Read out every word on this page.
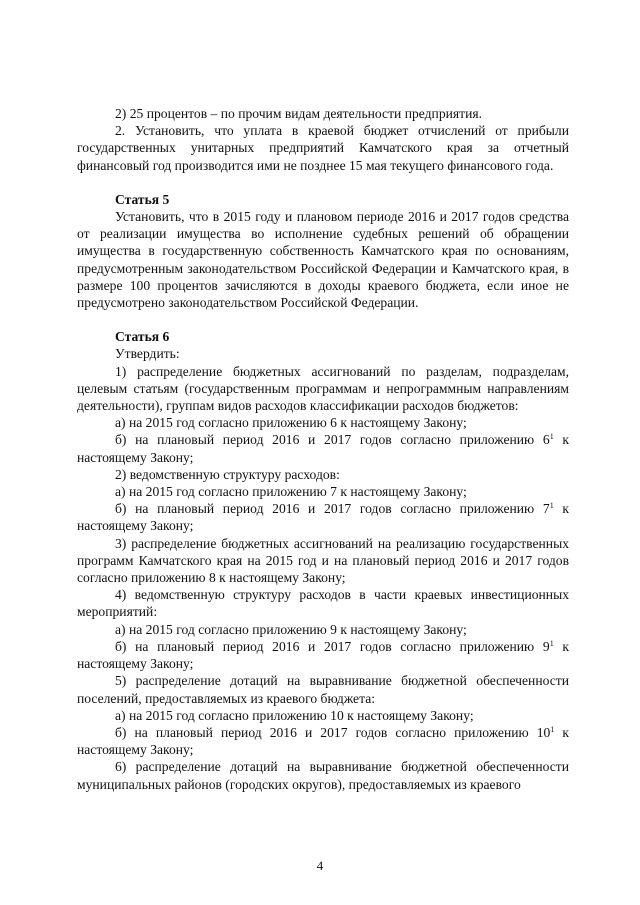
2) 25 процентов – по прочим видам деятельности предприятия.

2. Установить, что уплата в краевой бюджет отчислений от прибыли государственных унитарных предприятий Камчатского края за отчетный финансовый год производится ими не позднее 15 мая текущего финансового года.

Статья 5

Установить, что в 2015 году и плановом периоде 2016 и 2017 годов средства от реализации имущества во исполнение судебных решений об обращении имущества в государственную собственность Камчатского края по основаниям, предусмотренным законодательством Российской Федерации и Камчатского края, в размере 100 процентов зачисляются в доходы краевого бюджета, если иное не предусмотрено законодательством Российской Федерации.

Статья 6

Утвердить:

1) распределение бюджетных ассигнований по разделам, подразделам, целевым статьям (государственным программам и непрограммным направлениям деятельности), группам видов расходов классификации расходов бюджетов:

а) на 2015 год согласно приложению 6 к настоящему Закону;

б) на плановый период 2016 и 2017 годов согласно приложению $6^1$ к настоящему Закону;

2) ведомственную структуру расходов:

а) на 2015 год согласно приложению 7 к настоящему Закону;

б) на плановый период 2016 и 2017 годов согласно приложению $7^1$ к настоящему Закону;

3) распределение бюджетных ассигнований на реализацию государственных программ Камчатского края на 2015 год и на плановый период 2016 и 2017 годов согласно приложению 8 к настоящему Закону;

4) ведомственную структуру расходов в части краевых инвестиционных мероприятий:

а) на 2015 год согласно приложению 9 к настоящему Закону;

б) на плановый период 2016 и 2017 годов согласно приложению $9^1$ к настоящему Закону;

5) распределение дотаций на выравнивание бюджетной обеспеченности поселений, предоставляемых из краевого бюджета:

а) на 2015 год согласно приложению 10 к настоящему Закону;

б) на плановый период 2016 и 2017 годов согласно приложению $10^1$ к настоящему Закону;

6) распределение дотаций на выравнивание бюджетной обеспеченности муниципальных районов (городских округов), предоставляемых из краевого

4
